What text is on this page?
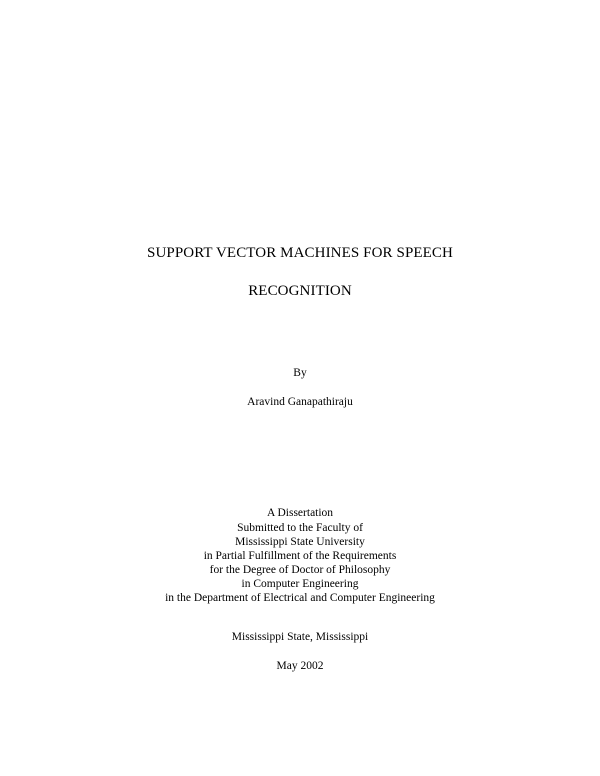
SUPPORT VECTOR MACHINES FOR SPEECH
RECOGNITION
By
Aravind Ganapathiraju
A Dissertation
Submitted to the Faculty of
Mississippi State University
in Partial Fulfillment of the Requirements
for the Degree of Doctor of Philosophy
in Computer Engineering
in the Department of Electrical and Computer Engineering
Mississippi State, Mississippi
May 2002
